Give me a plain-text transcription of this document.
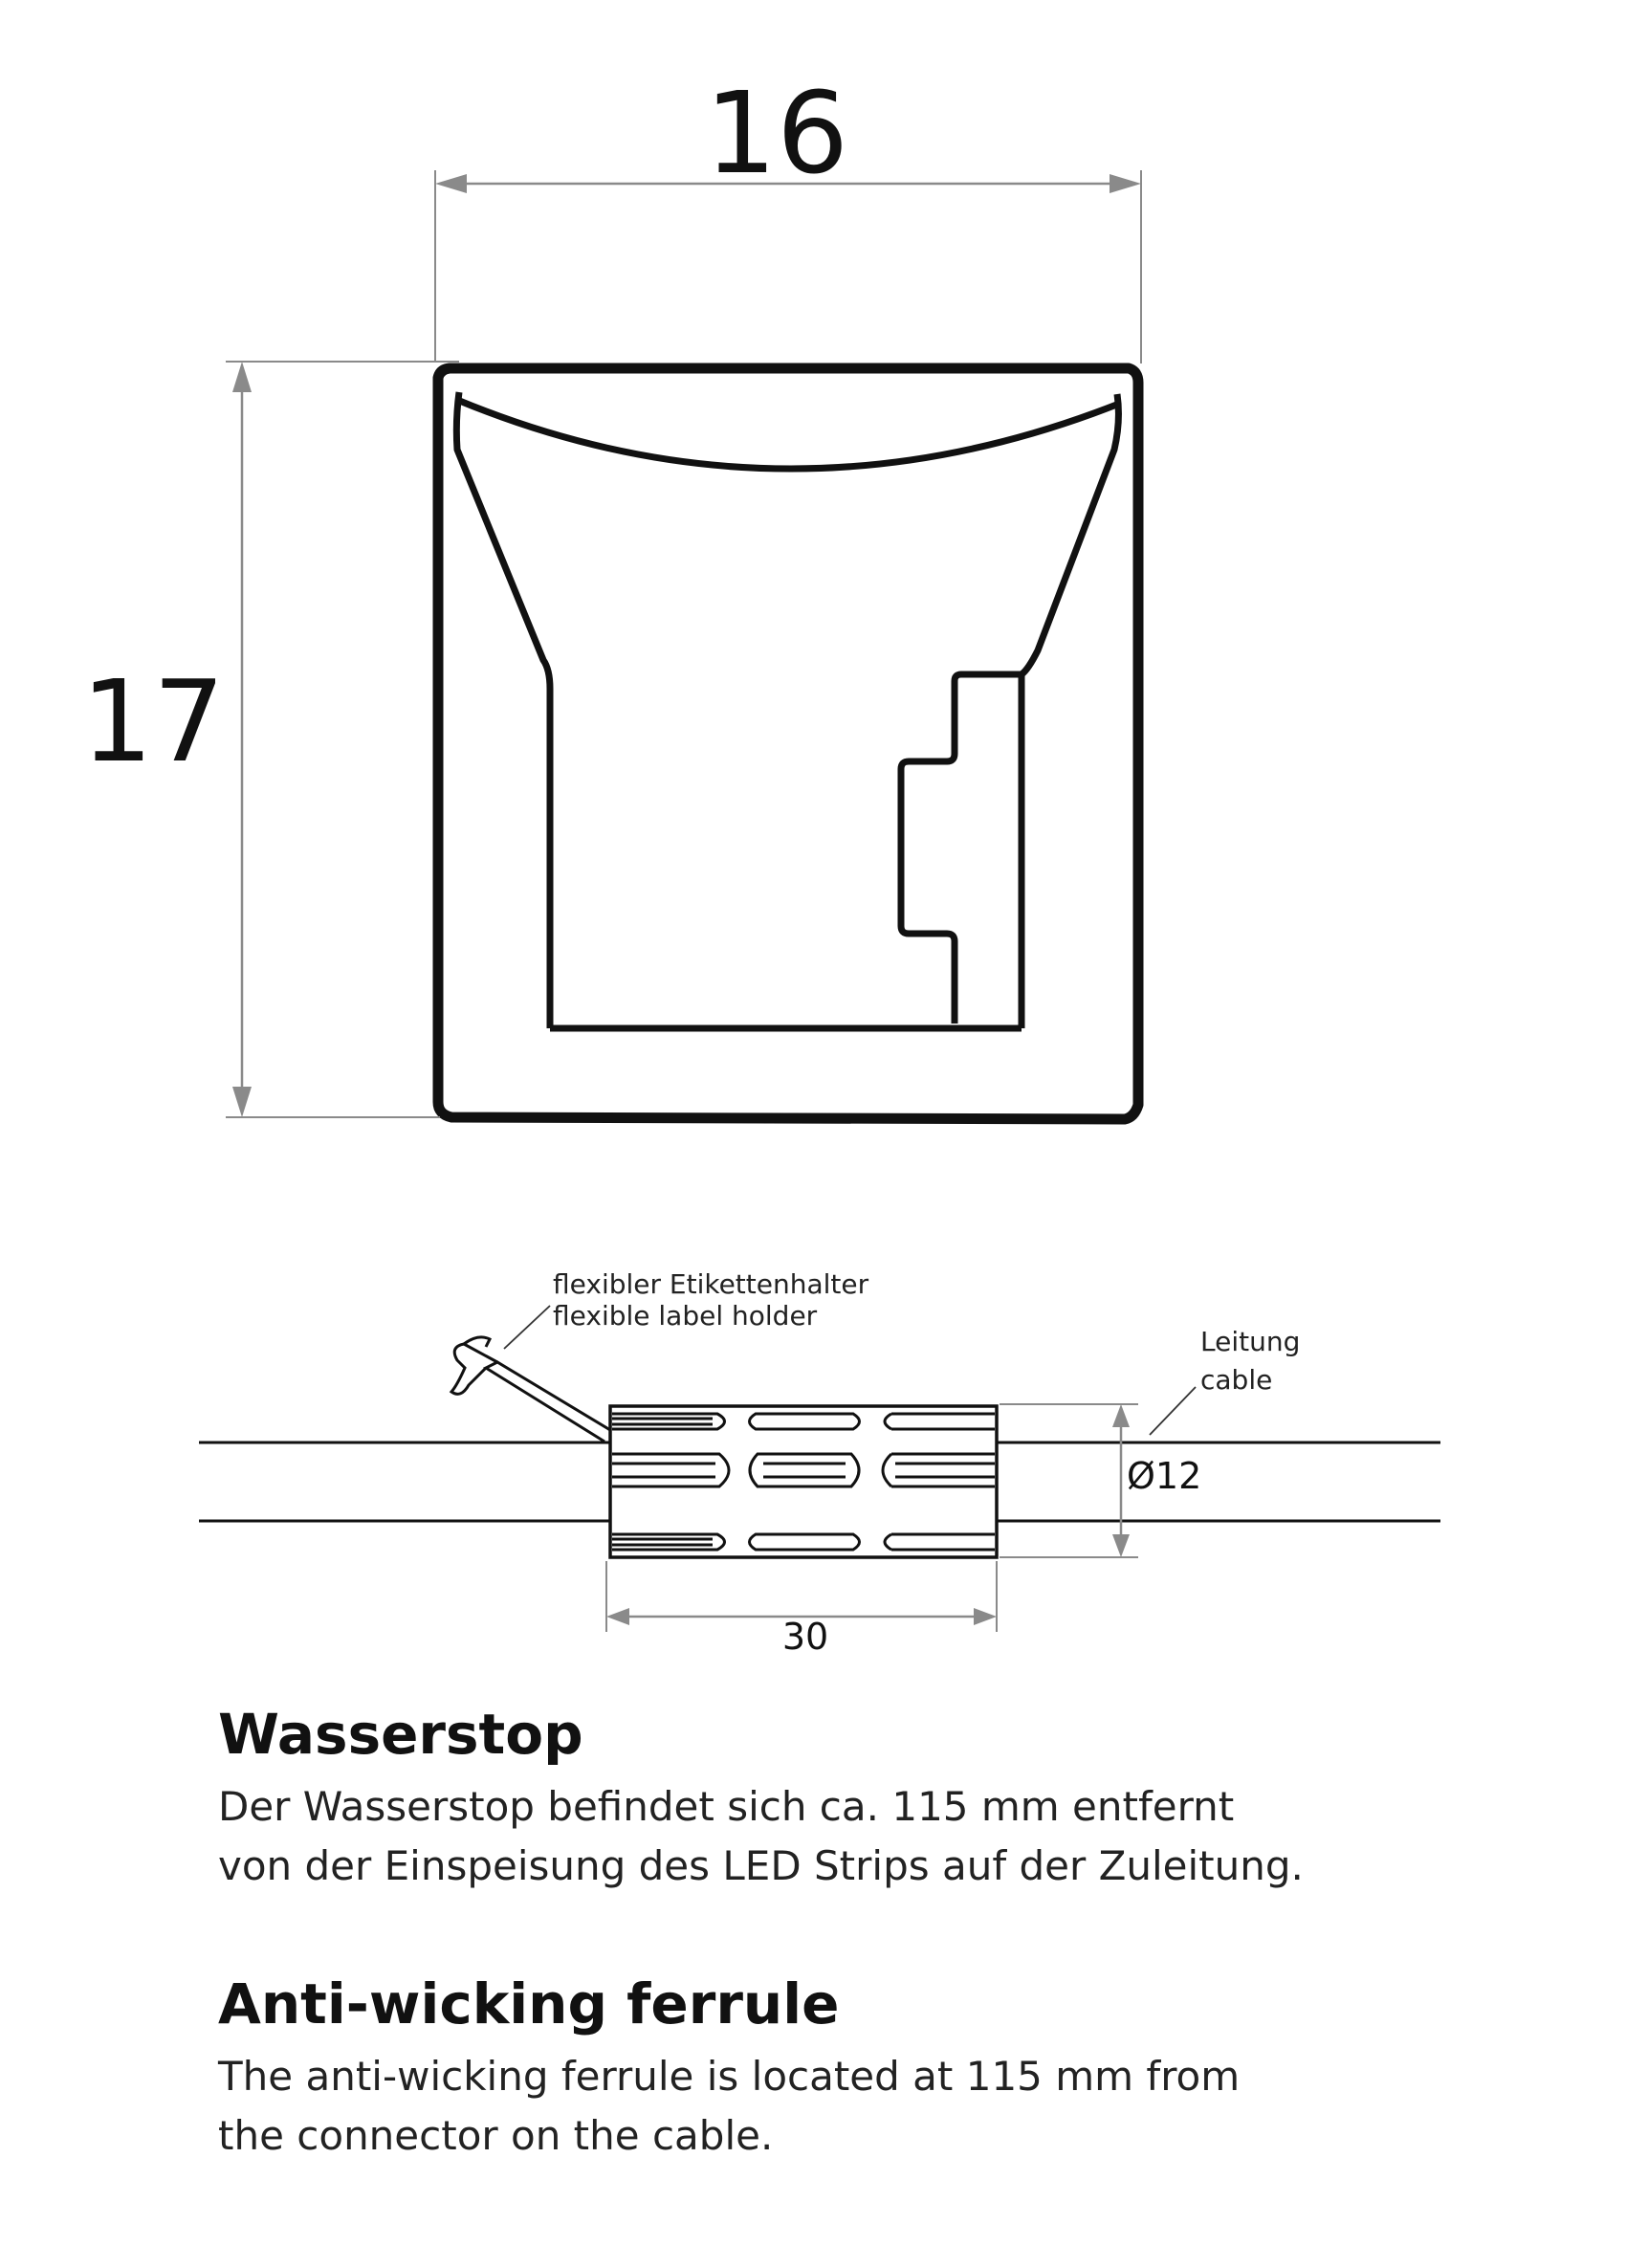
16
17
flexibler Etikettenhalter
flexible label holder
Leitung
cable
Ø12
30
Wasserstop

Der Wasserstop befindet sich ca. 115 mm entfernt

von der Einspeisung des LED Strips auf der Zuleitung.

Anti-wicking ferrule

The anti-wicking ferrule is located at 115 mm from

the connector on the cable.
